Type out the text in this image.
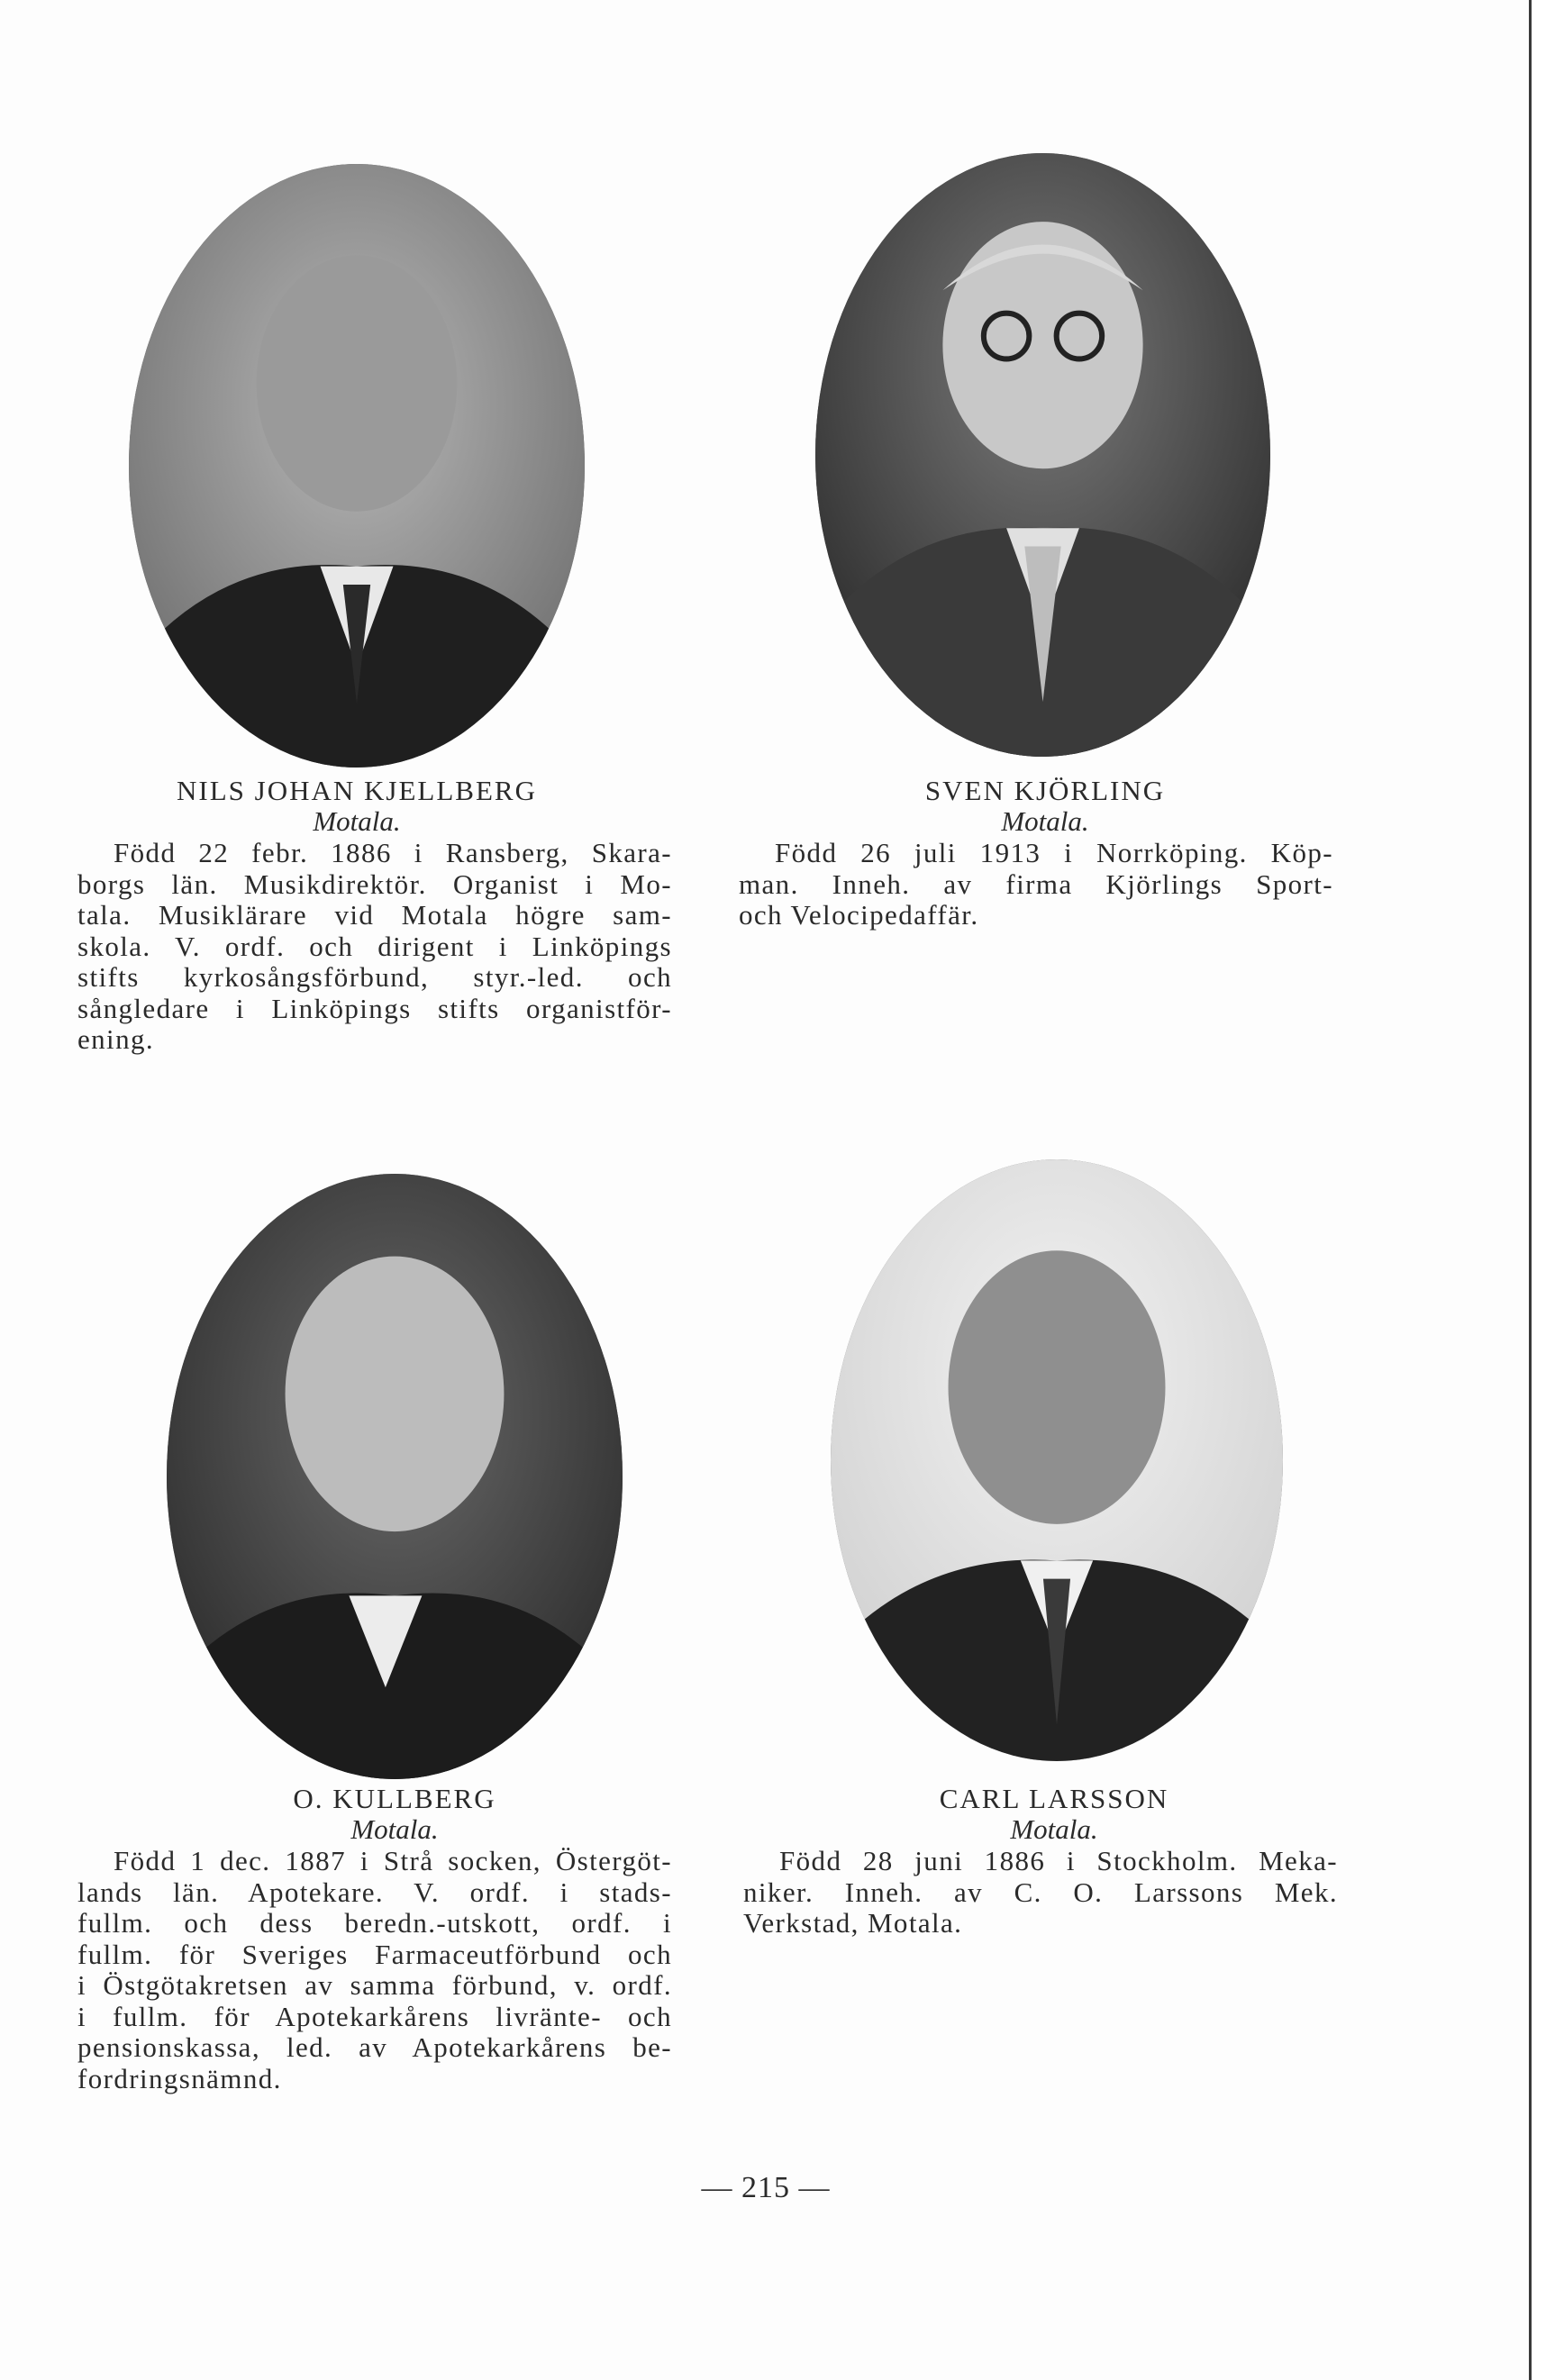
NILS JOHAN KJELLBERG
Motala.
Född 22 febr. 1886 i Ransberg, Skara-
borgs län. Musikdirektör. Organist i Mo-
tala. Musiklärare vid Motala högre sam-
skola. V. ordf. och dirigent i Linköpings
stifts kyrkosångsförbund, styr.-led. och
sångledare i Linköpings stifts organistför-
ening.
SVEN KJÖRLING
Motala.
Född 26 juli 1913 i Norrköping. Köp-
man. Inneh. av firma Kjörlings Sport-
och Velocipedaffär.
O. KULLBERG
Motala.
Född 1 dec. 1887 i Strå socken, Östergöt-
lands län. Apotekare. V. ordf. i stads-
fullm. och dess beredn.-utskott, ordf. i
fullm. för Sveriges Farmaceutförbund och
i Östgötakretsen av samma förbund, v. ordf.
i fullm. för Apotekarkårens livränte- och
pensionskassa, led. av Apotekarkårens be-
fordringsnämnd.
CARL LARSSON
Motala.
Född 28 juni 1886 i Stockholm. Meka-
niker. Inneh. av C. O. Larssons Mek.
Verkstad, Motala.
— 215 —
